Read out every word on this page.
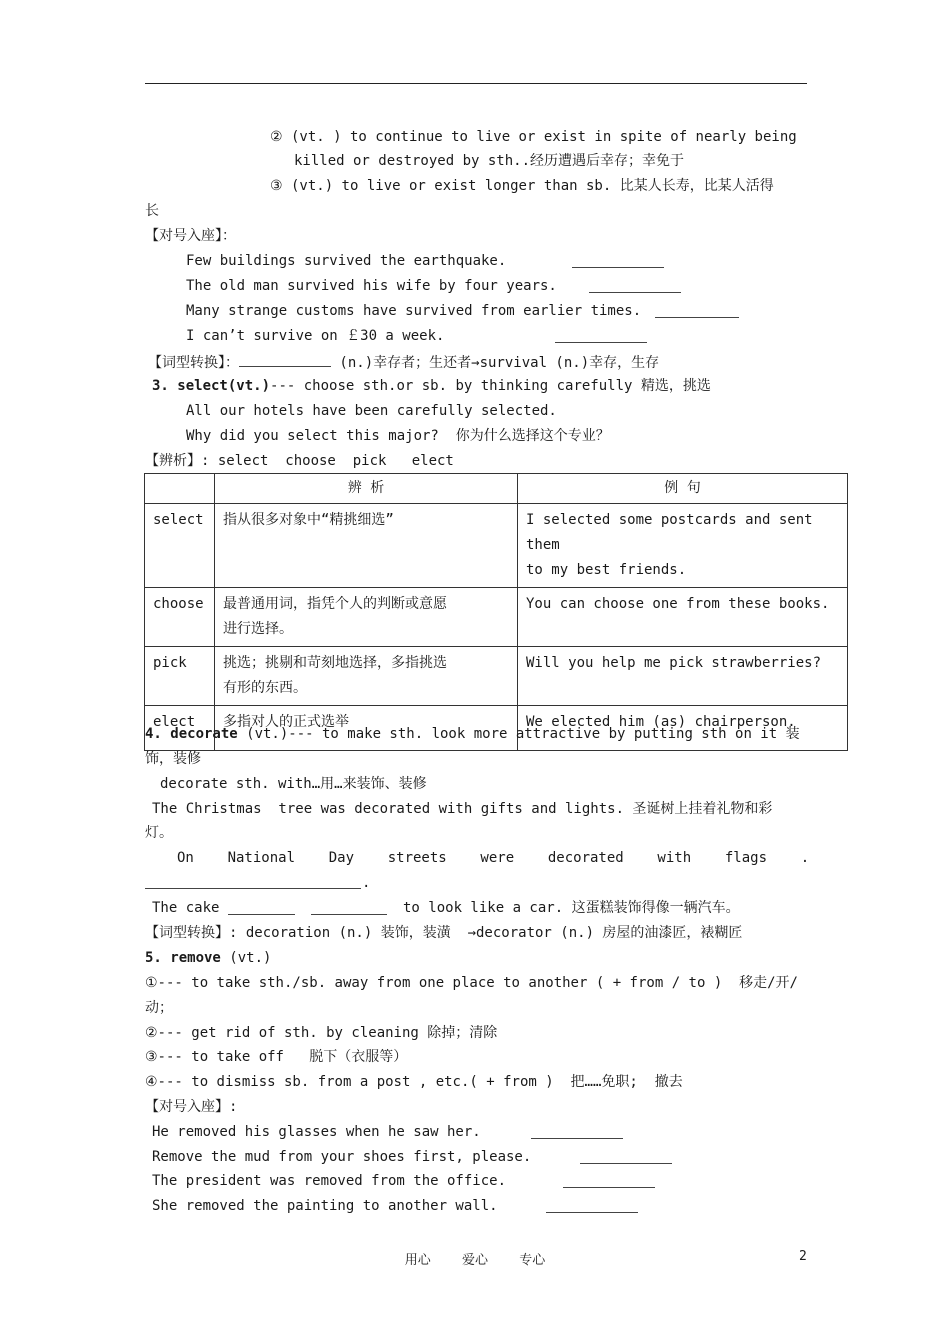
② (vt. ) to continue to live or exist in spite of nearly being
killed or destroyed by sth..经历遭遇后幸存；幸免于
③ (vt.) to live or exist longer than sb. 比某人长寿，比某人活得
长
【对号入座】：
Few buildings survived the earthquake.
The old man survived his wife by four years.
Many strange customs have survived from earlier times.
I can’t survive on ￡30 a week.
【词型转换】：	(n.)幸存者；生还者→survival (n.)幸存，生存
3. select(vt.)--- choose sth.or sb. by thinking carefully 精选，挑选
All our hotels have been carefully selected.
Why did you select this major?  你为什么选择这个专业？
【辨析】: select  choose  pick   elect
	辨 析	例 句
select	指从很多对象中“精挑细选”	I selected some postcards and sent them
to my best friends.
choose	最普通用词，指凭个人的判断或意愿
进行选择。	You can choose one from these books.
pick	挑选；挑剔和苛刻地选择，多指挑选
有形的东西。	Will you help me pick strawberries?
elect	多指对人的正式选举	We elected him (as) chairperson.
4. decorate (vt.)--- to make sth. look more attractive by putting sth on it 装
饰，装修
decorate sth. with…用…来装饰、装修
The Christmas  tree was decorated with gifts and lights. 圣诞树上挂着礼物和彩
灯。
On    National    Day    streets    were    decorated    with    flags    .
.
The cake	to look like a car. 这蛋糕装饰得像一辆汽车。
【词型转换】: decoration (n.) 装饰，装潢  →decorator (n.) 房屋的油漆匠，裱糊匠
5. remove (vt.)
①--- to take sth./sb. away from one place to another ( + from / to )  移走/开/
动；
②--- get rid of sth. by cleaning 除掉；清除
③--- to take off   脱下（衣服等）
④--- to dismiss sb. from a post , etc.( + from )  把……免职;  撤去
【对号入座】:
He removed his glasses when he saw her.
Remove the mud from your shoes first, please.
The president was removed from the office.
She removed the painting to another wall.
用心    爱心    专心	2
